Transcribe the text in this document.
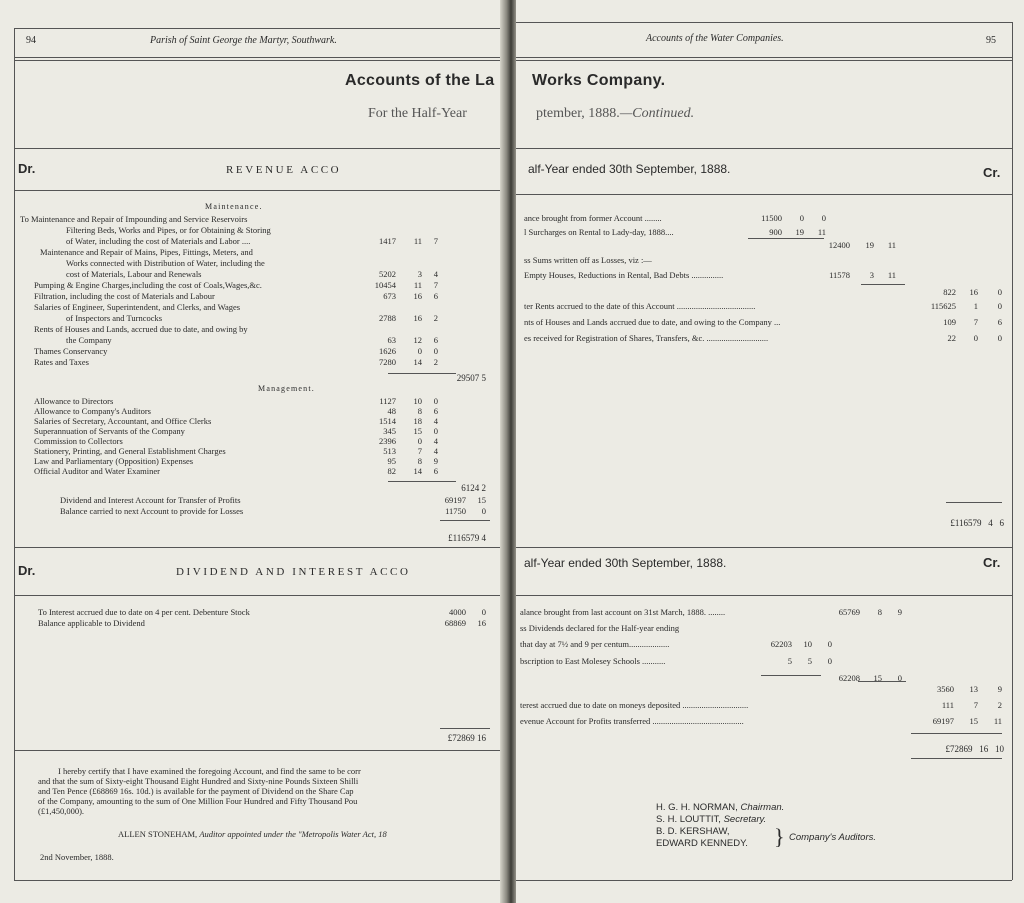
94	Parish of Saint George the Martyr, Southwark.
Accounts of the La
For the Half-Year
Dr.	REVENUE ACCO
Maintenance.
To Maintenance and Repair of Impounding and Service Reservoirs
Filtering Beds, Works and Pipes, or for Obtaining & Storing
of Water, including the cost of Materials and Labor ....	1417	11	7
Maintenance and Repair of Mains, Pipes, Fittings, Meters, and
Works connected with Distribution of Water, including the
cost of Materials, Labour and Renewals	5202	3	4
Pumping & Engine Charges,including the cost of Coals,Wages,&c.	10454	11	7
Filtration, including the cost of Materials and Labour	673	16	6
Salaries of Engineer, Superintendent, and Clerks, and Wages
of Inspectors and Turncocks	2788	16	2
Rents of Houses and Lands, accrued due to date, and owing by
the Company	63	12	6
Thames Conservancy	1626	0	0
Rates and Taxes	7280	14	2
29507 5
Management.
Allowance to Directors	1127	10	0
Allowance to Company's Auditors	48	8	6
Salaries of Secretary, Accountant, and Office Clerks	1514	18	4
Superannuation of Servants of the Company	345	15	0
Commission to Collectors	2396	0	4
Stationery, Printing, and General Establishment Charges	513	7	4
Law and Parliamentary (Opposition) Expenses	95	8	9
Official Auditor and Water Examiner	82	14	6
6124 2
Dividend and Interest Account for Transfer of Profits	69197	15
Balance carried to next Account to provide for Losses	11750	0
£116579 4
Dr.	DIVIDEND AND INTEREST ACCO
To Interest accrued due to date on 4 per cent. Debenture Stock	4000	0
Balance applicable to Dividend	68869	16
£72869 16
I hereby certify that I have examined the foregoing Account, and find the same to be corr
and that the sum of Sixty-eight Thousand Eight Hundred and Sixty-nine Pounds Sixteen Shilli
and Ten Pence (£68869 16s. 10d.) is available for the payment of Dividend on the Share Cap
of the Company, amounting to the sum of One Million Four Hundred and Fifty Thousand Pou
(£1,450,000).
ALLEN STONEHAM, Auditor appointed under the "Metropolis Water Act, 18
2nd November, 1888.
Accounts of the Water Companies.	95
Works Company.
ptember, 1888.—Continued.
alf-Year ended 30th September, 1888.	Cr.
ance brought from former Account ........	11500	0	0
l Surcharges on Rental to Lady-day, 1888....	900	19	11
12400	19	11
ss Sums written off as Losses, viz :—
Empty Houses, Reductions in Rental, Bad Debts ...............	11578	3	11
822	16	0
ter Rents accrued to the date of this Account .....................................	115625	1	0
nts of Houses and Lands accrued due to date, and owing to the Company ...	109	7	6
es received for Registration of Shares, Transfers, &c. .............................	22	0	0
£116579 4 6
alf-Year ended 30th September, 1888.	Cr.
alance brought from last account on 31st March, 1888. ........	65769	8	9
ss Dividends declared for the Half-year ending
that day at 7½ and 9 per centum...................	62203	10	0
bscription to East Molesey Schools ...........	5	5	0
62208	15	0
3560	13	9
terest accrued due to date on moneys deposited ...............................	111	7	2
evenue Account for Profits transferred ...........................................	69197	15	11
£72869 16 10
H. G. H. NORMAN, Chairman.
S. H. LOUTTIT, Secretary.
B. D. KERSHAW,
EDWARD KENNEDY. } Company's Auditors.
